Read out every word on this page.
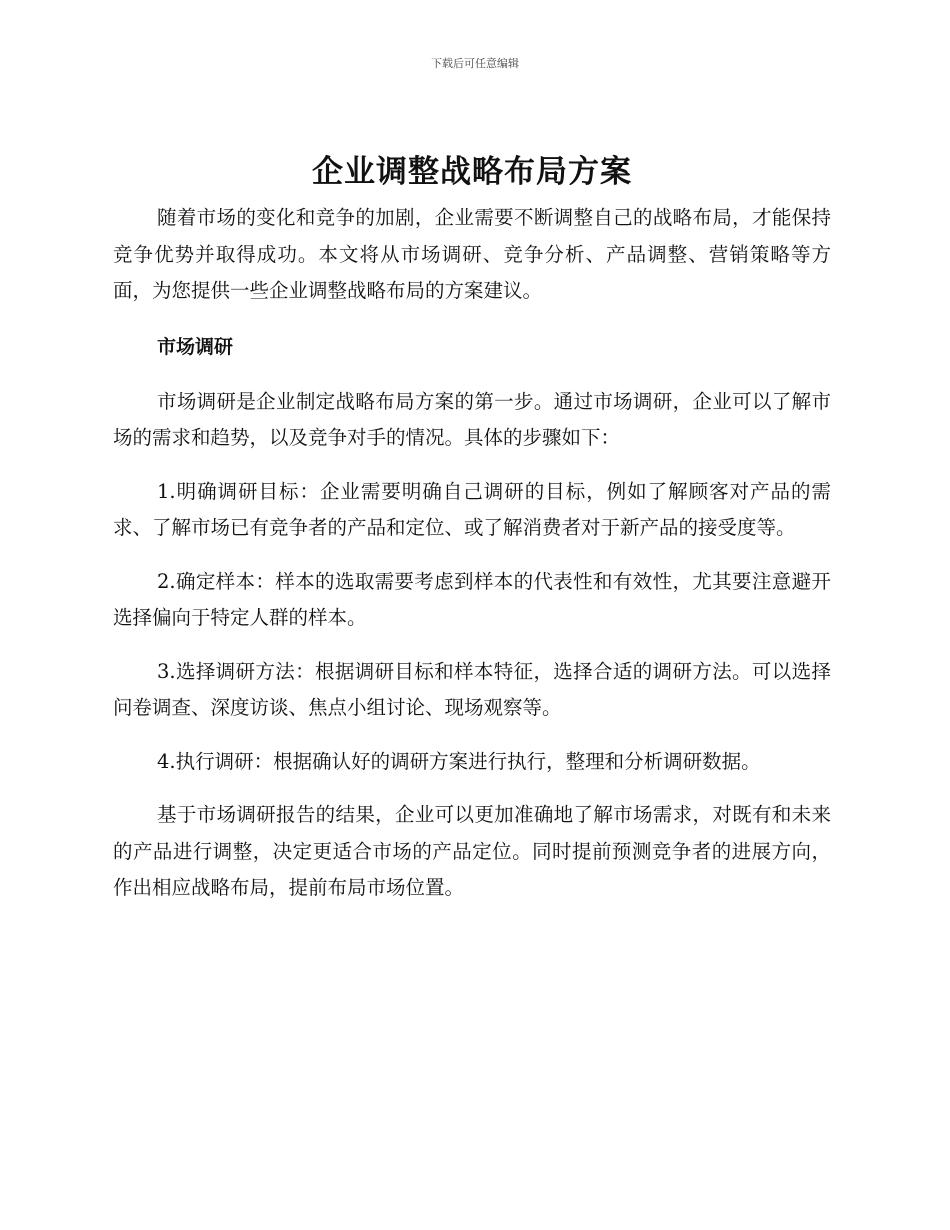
下载后可任意编辑
企业调整战略布局方案

随着市场的变化和竞争的加剧，企业需要不断调整自己的战略布局，才能保持竞争优势并取得成功。本文将从市场调研、竞争分析、产品调整、营销策略等方面，为您提供一些企业调整战略布局的方案建议。

市场调研

市场调研是企业制定战略布局方案的第一步。通过市场调研，企业可以了解市场的需求和趋势，以及竞争对手的情况。具体的步骤如下：

1.明确调研目标：企业需要明确自己调研的目标，例如了解顾客对产品的需求、了解市场已有竞争者的产品和定位、或了解消费者对于新产品的接受度等。

2.确定样本：样本的选取需要考虑到样本的代表性和有效性，尤其要注意避开选择偏向于特定人群的样本。

3.选择调研方法：根据调研目标和样本特征，选择合适的调研方法。可以选择问卷调查、深度访谈、焦点小组讨论、现场观察等。

4.执行调研：根据确认好的调研方案进行执行，整理和分析调研数据。

基于市场调研报告的结果，企业可以更加准确地了解市场需求，对既有和未来的产品进行调整，决定更适合市场的产品定位。同时提前预测竞争者的进展方向，作出相应战略布局，提前布局市场位置。
